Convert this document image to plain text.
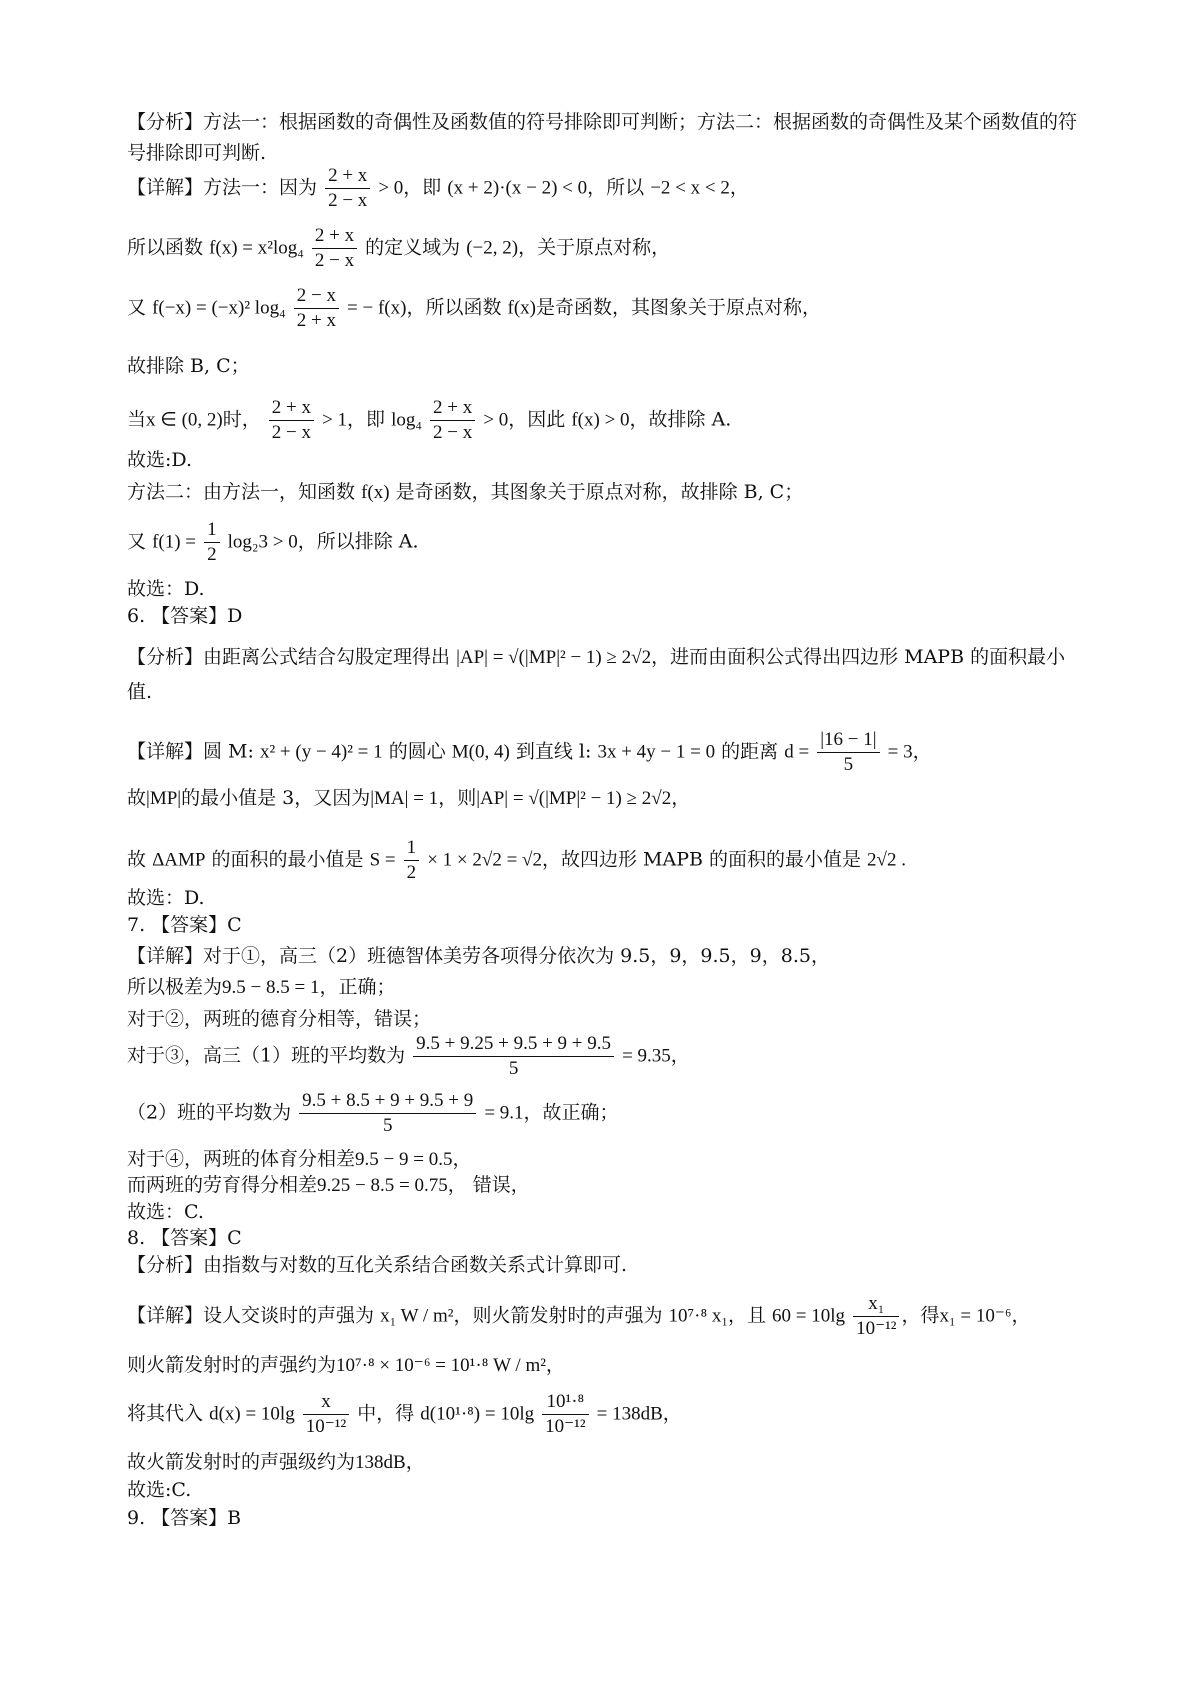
【分析】方法一：根据函数的奇偶性及函数值的符号排除即可判断；方法二：根据函数的奇偶性及某个函数值的符号排除即可判断.
【详解】方法一：因为 $\frac{2 + x}{2 - x} > 0$，即 (x + 2)·(x − 2) < 0，所以 −2 < x < 2，
所以函数 $f(x) = x^2\log_4 \frac{2 + x}{2 - x}$ 的定义域为 (−2, 2)，关于原点对称，
又 f(−x) = (−x)² $\log_4 \frac{2 - x}{2 + x}$ = − f(x)，所以函数 f(x)是奇函数，其图象关于原点对称，
故排除 B, C；
当x ∈ (0, 2)时， $\frac{2 + x}{2 - x} > 1$，即 $\log_4 \frac{2 + x}{2 - x} > 0$，因此 f(x) > 0，故排除 A.
故选:D.
方法二：由方法一，知函数 f(x) 是奇函数，其图象关于原点对称，故排除 B, C；
又 $f(1) = \frac{1}{2} \log_23 > 0$，所以排除 A.
故选：D.
6. 【答案】D
【分析】由距离公式结合勾股定理得出 |AP| = √(|MP|² − 1) ≥ 2√2，进而由面积公式得出四边形 MAPB 的面积最小值.
【详解】圆 M: x² + (y − 4)² = 1 的圆心 M(0, 4) 到直线 l: 3x + 4y − 1 = 0 的距离 $d = \frac{|16 - 1|}{5} = 3$，
故|MP|的最小值是 3，又因为|MA| = 1，则|AP| = √(|MP|² − 1) ≥ 2√2，
故 ΔAMP 的面积的最小值是 $S = \frac{1}{2} \times 1 \times 2√2 = √2$，故四边形 MAPB 的面积的最小值是 2√2 .
故选：D.
7. 【答案】C
【详解】对于①，高三（2）班德智体美劳各项得分依次为 9.5，9，9.5，9，8.5，
所以极差为9.5 − 8.5 = 1，正确；
对于②，两班的德育分相等，错误；
对于③，高三（1）班的平均数为 $\frac{9.5 + 9.25 + 9.5 + 9 + 9.5}{5} = 9.35$，
（2）班的平均数为 $\frac{9.5 + 8.5 + 9 + 9.5 + 9}{5} = 9.1$，故正确；
对于④，两班的体育分相差9.5 − 9 = 0.5，
而两班的劳育得分相差9.25 − 8.5 = 0.75， 错误，
故选：C.
8. 【答案】C
【分析】由指数与对数的互化关系结合函数关系式计算即可.
【详解】设人交谈时的声强为 x₁ W / m²，则火箭发射时的声强为 10⁷·⁸ x₁，且 $60 = 10\lg \frac{\text{x₁}}{\text{10⁻¹²}}$ ，得x₁ = 10⁻⁶，
则火箭发射时的声强约为10⁷·⁸ × 10⁻⁶ = 10¹·⁸ W / m²，
将其代入 $d(x) = 10\lg \frac{x}{\text{10⁻¹²}}$ 中，得 $d(10^1\cdot^8) = 10\lg \frac{\text{10¹·⁸}}{\text{10⁻¹²}} = 138dB$，
故火箭发射时的声强级约为138dB，
故选:C.
9. 【答案】B
